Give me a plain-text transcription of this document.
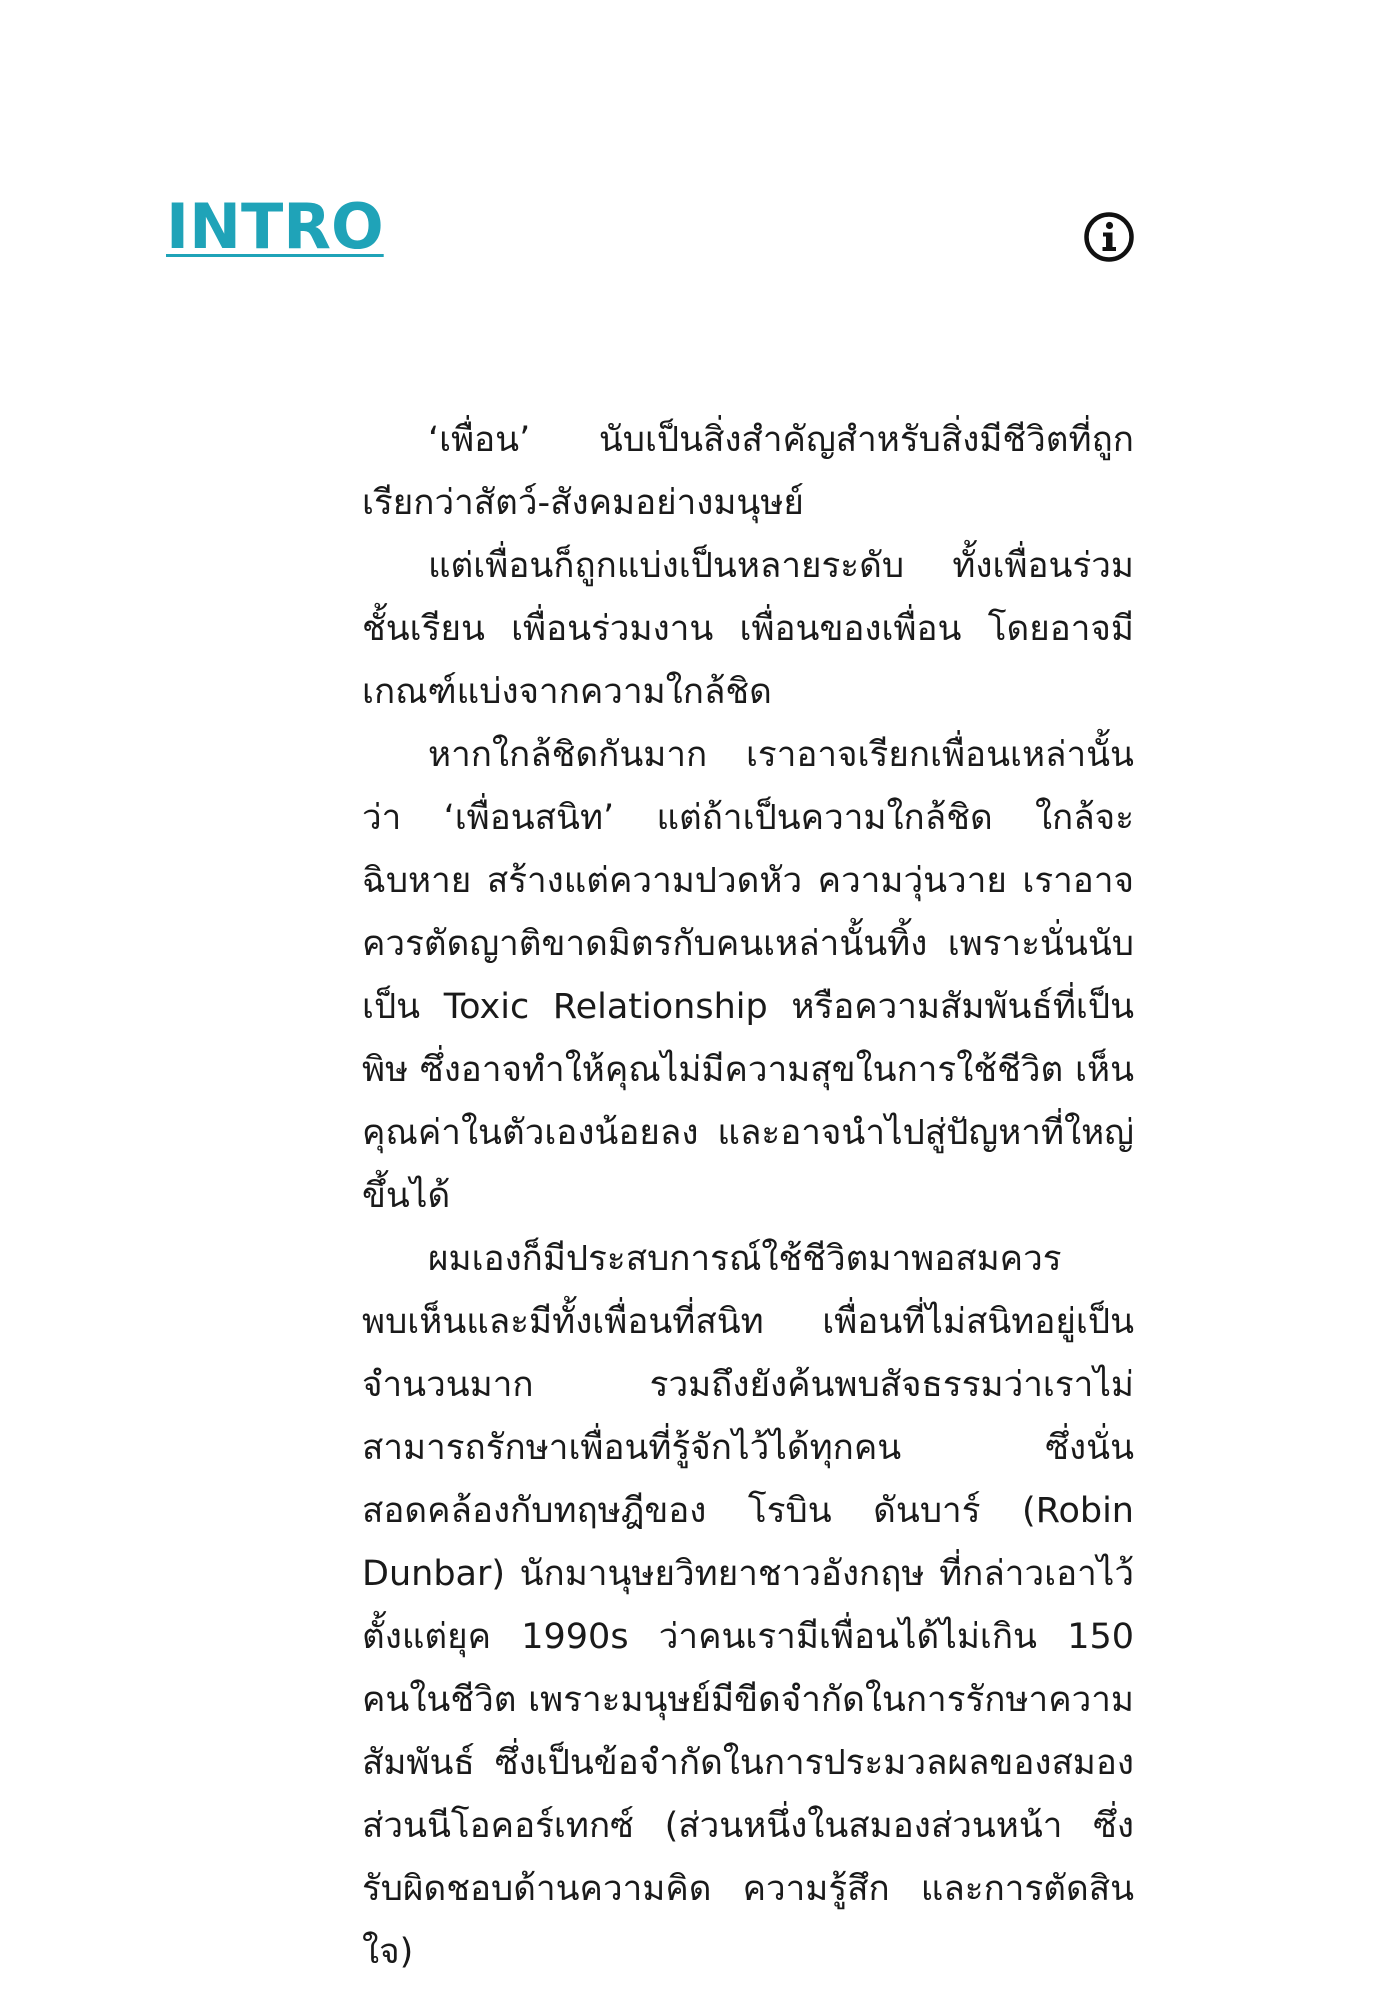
INTRO

‘เพื่อน’ นับเป็นสิ่งสำคัญสำหรับสิ่งมีชีวิตที่ถูกเรียกว่าสัตว์-สังคมอย่างมนุษย์

แต่เพื่อนก็ถูกแบ่งเป็นหลายระดับ ทั้งเพื่อนร่วมชั้นเรียน เพื่อนร่วมงาน เพื่อนของเพื่อน โดยอาจมีเกณฑ์แบ่งจากความใกล้ชิด

หากใกล้ชิดกันมาก เราอาจเรียกเพื่อนเหล่านั้นว่า ‘เพื่อนสนิท’ แต่ถ้าเป็นความใกล้ชิด ใกล้จะฉิบหาย สร้างแต่ความปวดหัว ความวุ่นวาย เราอาจควรตัดญาติขาดมิตรกับคนเหล่านั้นทิ้ง เพราะนั่นนับเป็น Toxic Relationship หรือความสัมพันธ์ที่เป็นพิษ ซึ่งอาจทำให้คุณไม่มีความสุขในการใช้ชีวิต เห็นคุณค่าในตัวเองน้อยลง และอาจนำไปสู่ปัญหาที่ใหญ่ขึ้นได้

ผมเองก็มีประสบการณ์ใช้ชีวิตมาพอสมควร พบเห็นและมีทั้งเพื่อนที่สนิท เพื่อนที่ไม่สนิทอยู่เป็นจำนวนมาก รวมถึงยังค้นพบสัจธรรมว่าเราไม่สามารถรักษาเพื่อนที่รู้จักไว้ได้ทุกคน ซึ่งนั่นสอดคล้องกับทฤษฎีของ โรบิน ดันบาร์ (Robin Dunbar) นักมานุษยวิทยาชาวอังกฤษ ที่กล่าวเอาไว้ตั้งแต่ยุค 1990s ว่าคนเรามีเพื่อนได้ไม่เกิน 150 คนในชีวิต เพราะมนุษย์มีขีดจำกัดในการรักษาความสัมพันธ์ ซึ่งเป็นข้อจำกัดในการประมวลผลของสมองส่วนนีโอคอร์เทกซ์ (ส่วนหนึ่งในสมองส่วนหน้า ซึ่งรับผิดชอบด้านความคิด ความรู้สึก และการตัดสินใจ)
